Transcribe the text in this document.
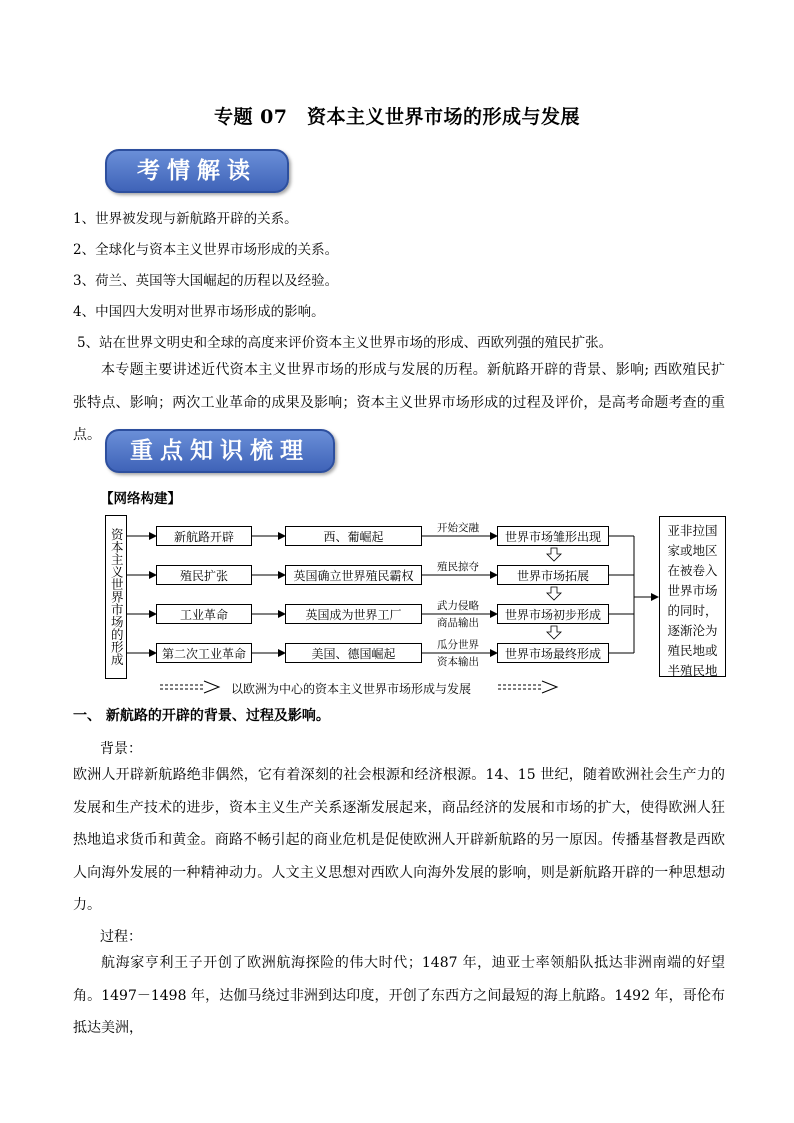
专题 07　资本主义世界市场的形成与发展
考情解读
1、世界被发现与新航路开辟的关系。
2、全球化与资本主义世界市场形成的关系。
3、荷兰、英国等大国崛起的历程以及经验。
4、中国四大发明对世界市场形成的影响。
5、站在世界文明史和全球的高度来评价资本主义世界市场的形成、西欧列强的殖民扩张。
本专题主要讲述近代资本主义世界市场的形成与发展的历程。新航路开辟的背景、影响; 西欧殖民扩张特点、影响；两次工业革命的成果及影响；资本主义世界市场形成的过程及评价，是高考命题考查的重点。
重点知识梳理
【网络构建】
资本主义世界市场的形成	新航路开辟
殖民扩张
工业革命
第二次工业革命
西、葡崛起
英国确立世界殖民霸权
英国成为世界工厂
美国、德国崛起
开始交融
殖民掠夺
武力侵略
商品输出
瓜分世界
资本输出
世界市场雏形出现
世界市场拓展
世界市场初步形成
世界市场最终形成
亚非拉国
家或地区
在被卷入
世界市场
的同时，
逐渐沦为
殖民地或
半殖民地
以欧洲为中心的资本主义世界市场形成与发展
一、 新航路的开辟的背景、过程及影响。
背景：
欧洲人开辟新航路绝非偶然，它有着深刻的社会根源和经济根源。14、15 世纪，随着欧洲社会生产力的发展和生产技术的进步，资本主义生产关系逐渐发展起来，商品经济的发展和市场的扩大，使得欧洲人狂热地追求货币和黄金。商路不畅引起的商业危机是促使欧洲人开辟新航路的另一原因。传播基督教是西欧人向海外发展的一种精神动力。人文主义思想对西欧人向海外发展的影响，则是新航路开辟的一种思想动力。
过程：
航海家亨利王子开创了欧洲航海探险的伟大时代；1487 年，迪亚士率领船队抵达非洲南端的好望角。1497－1498 年，达伽马绕过非洲到达印度，开创了东西方之间最短的海上航路。1492 年，哥伦布抵达美洲，
